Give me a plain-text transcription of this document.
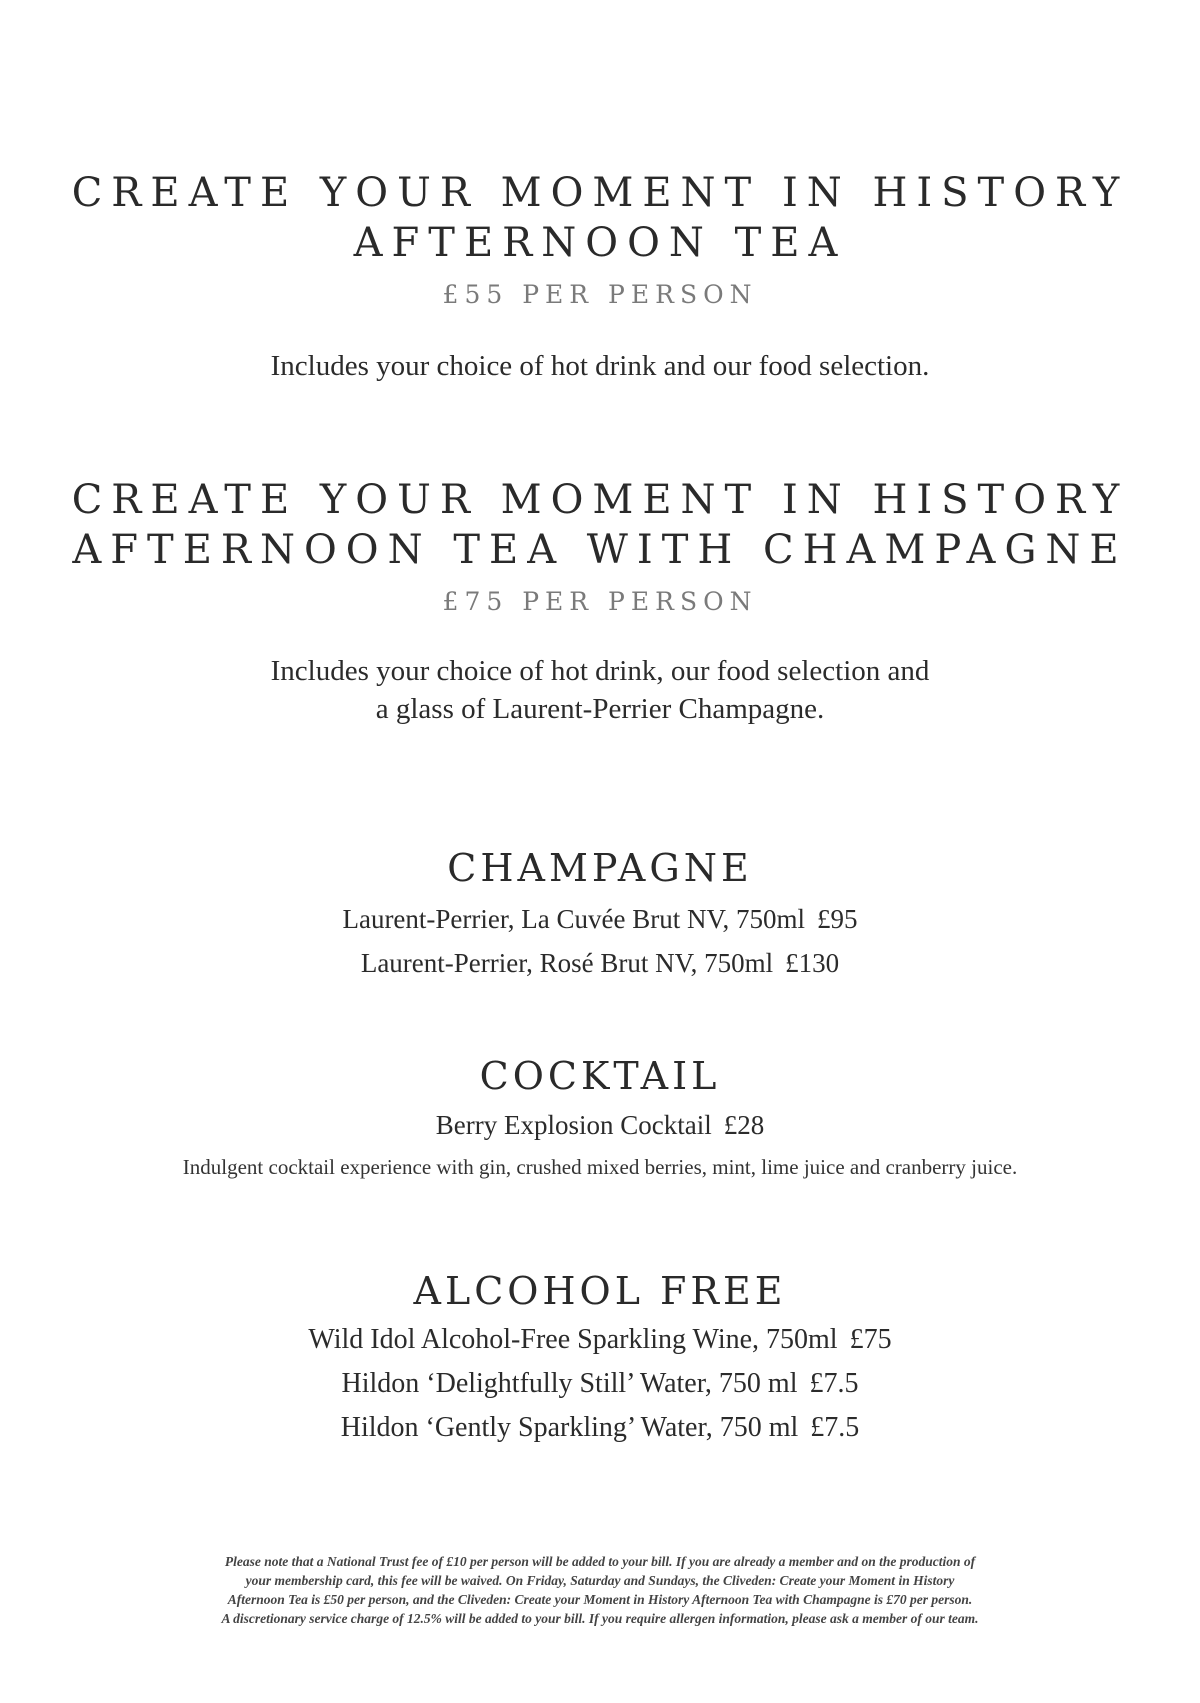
CREATE YOUR MOMENT IN HISTORY
AFTERNOON TEA
£55 PER PERSON
Includes your choice of hot drink and our food selection.
CREATE YOUR MOMENT IN HISTORY
AFTERNOON TEA WITH CHAMPAGNE
£75 PER PERSON
Includes your choice of hot drink, our food selection and
a glass of Laurent-Perrier Champagne.
CHAMPAGNE
Laurent-Perrier, La Cuvée Brut NV, 750ml £95
Laurent-Perrier, Rosé Brut NV, 750ml £130
COCKTAIL
Berry Explosion Cocktail £28
Indulgent cocktail experience with gin, crushed mixed berries, mint, lime juice and cranberry juice.
ALCOHOL FREE
Wild Idol Alcohol-Free Sparkling Wine, 750ml £75
Hildon ‘Delightfully Still’ Water, 750 ml £7.5
Hildon ‘Gently Sparkling’ Water, 750 ml £7.5
Please note that a National Trust fee of £10 per person will be added to your bill. If you are already a member and on the production of
your membership card, this fee will be waived. On Friday, Saturday and Sundays, the Cliveden: Create your Moment in History
Afternoon Tea is £50 per person, and the Cliveden: Create your Moment in History Afternoon Tea with Champagne is £70 per person.
A discretionary service charge of 12.5% will be added to your bill. If you require allergen information, please ask a member of our team.
